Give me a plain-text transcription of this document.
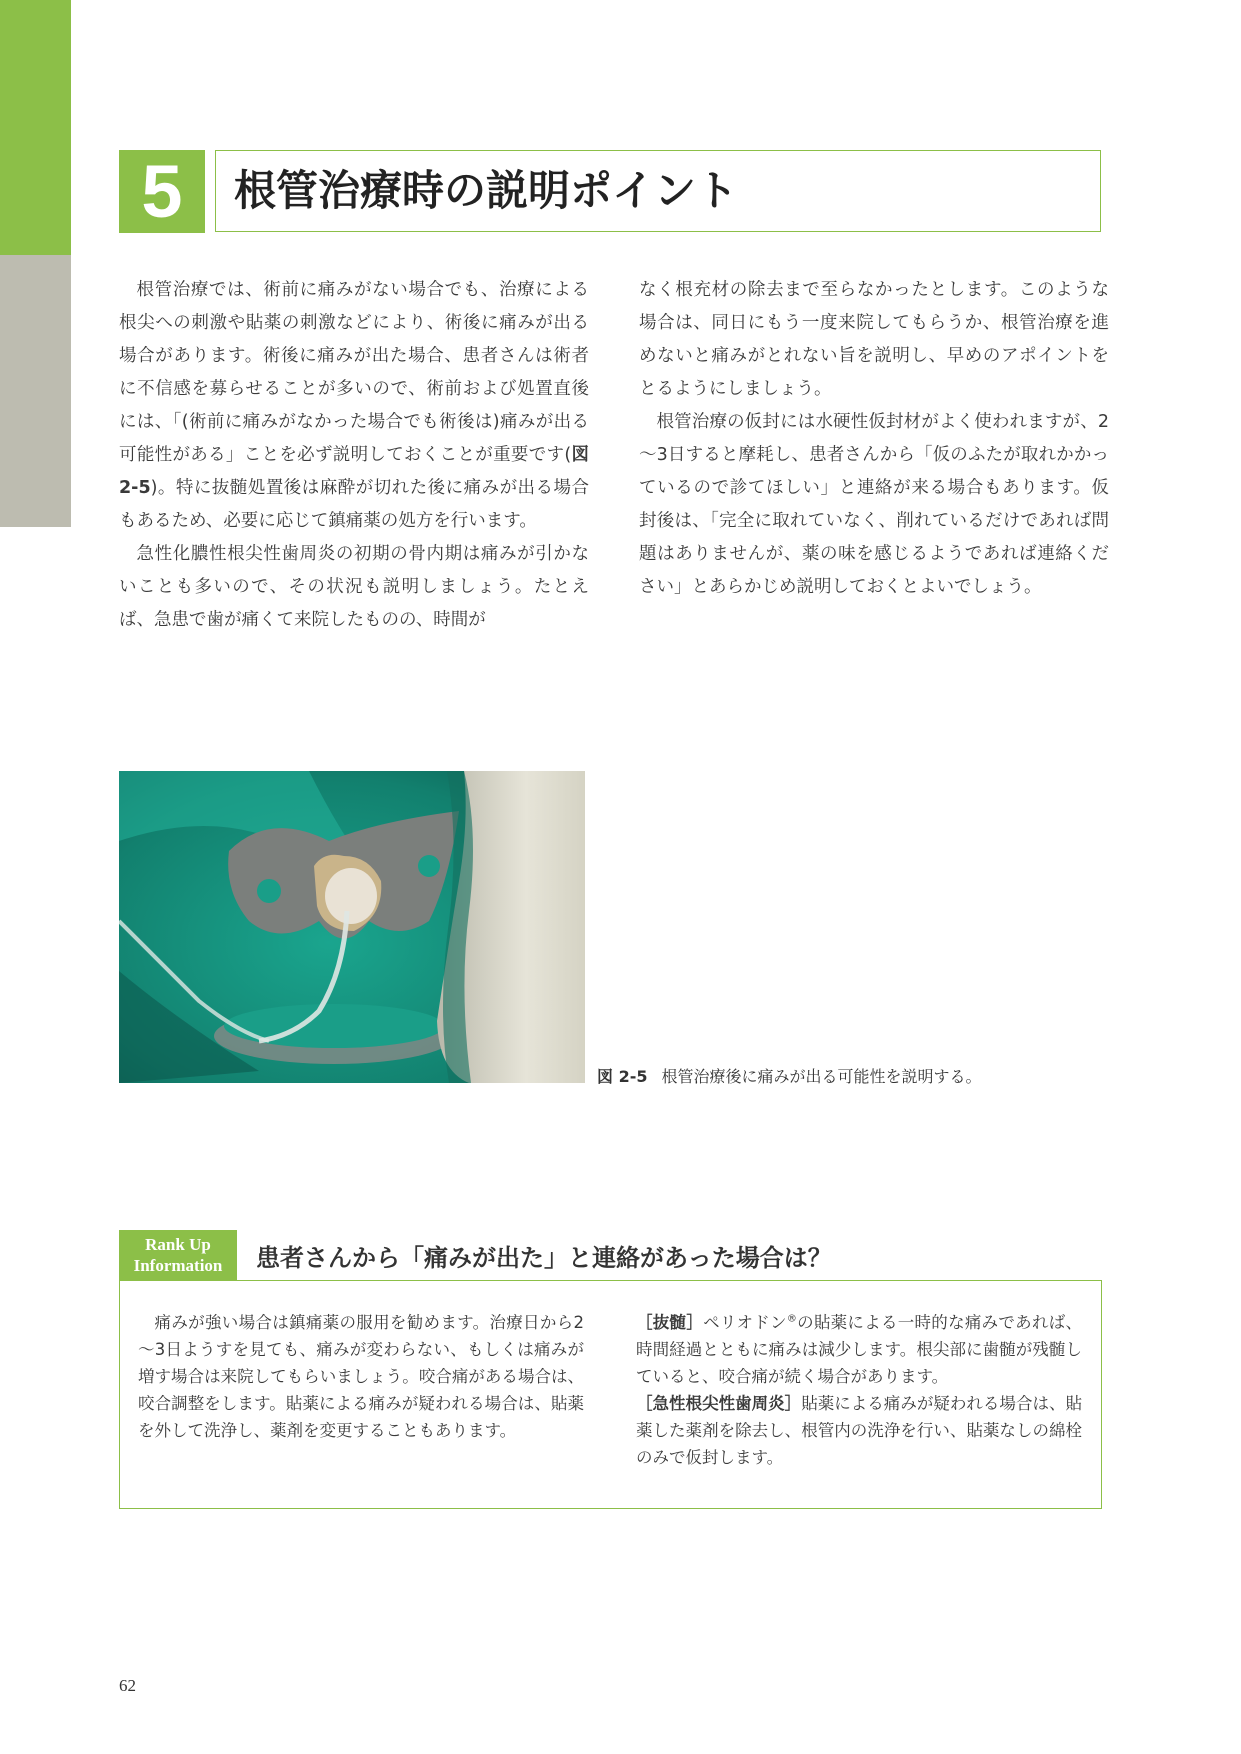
5	根管治療時の説明ポイント

根管治療では、術前に痛みがない場合でも、治療による根尖への刺激や貼薬の刺激などにより、術後に痛みが出る場合があります。術後に痛みが出た場合、患者さんは術者に不信感を募らせることが多いので、術前および処置直後には、「(術前に痛みがなかった場合でも術後は)痛みが出る可能性がある」ことを必ず説明しておくことが重要です(図 2-5)。特に抜髄処置後は麻酔が切れた後に痛みが出る場合もあるため、必要に応じて鎮痛薬の処方を行います。

急性化膿性根尖性歯周炎の初期の骨内期は痛みが引かないことも多いので、その状況も説明しましょう。たとえば、急患で歯が痛くて来院したものの、時間が

なく根充材の除去まで至らなかったとします。このような場合は、同日にもう一度来院してもらうか、根管治療を進めないと痛みがとれない旨を説明し、早めのアポイントをとるようにしましょう。

根管治療の仮封には水硬性仮封材がよく使われますが、2～3日すると摩耗し、患者さんから「仮のふたが取れかかっているので診てほしい」と連絡が来る場合もあります。仮封後は、「完全に取れていなく、削れているだけであれば問題はありませんが、薬の味を感じるようであれば連絡ください」とあらかじめ説明しておくとよいでしょう。

図 2-5 根管治療後に痛みが出る可能性を説明する。
Rank Up
Information	患者さんから「痛みが出た」と連絡があった場合は？

痛みが強い場合は鎮痛薬の服用を勧めます。治療日から2～3日ようすを見ても、痛みが変わらない、もしくは痛みが増す場合は来院してもらいましょう。咬合痛がある場合は、咬合調整をします。貼薬による痛みが疑われる場合は、貼薬を外して洗浄し、薬剤を変更することもあります。

［抜髄］ペリオドン®の貼薬による一時的な痛みであれば、時間経過とともに痛みは減少します。根尖部に歯髄が残髄していると、咬合痛が続く場合があります。

［急性根尖性歯周炎］貼薬による痛みが疑われる場合は、貼薬した薬剤を除去し、根管内の洗浄を行い、貼薬なしの綿栓のみで仮封します。

62
